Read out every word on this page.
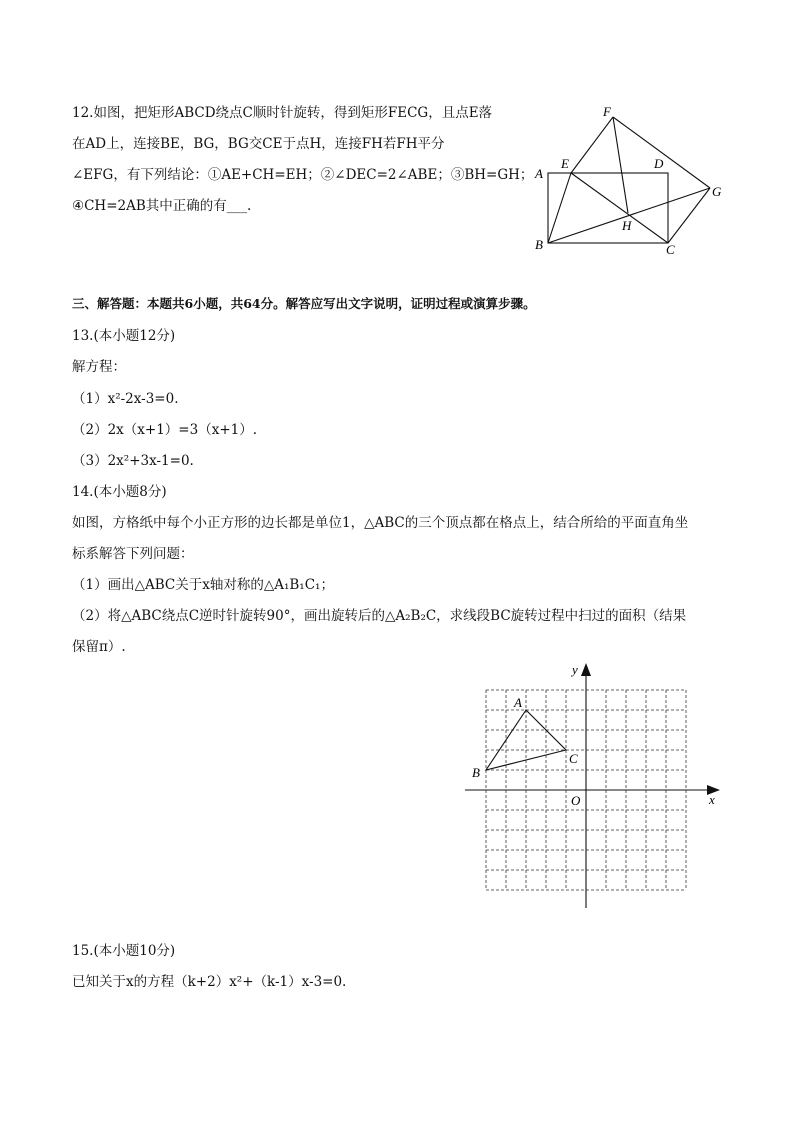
12.如图，把矩形ABCD绕点C顺时针旋转，得到矩形FECG，且点E落
在AD上，连接BE，BG，BG交CE于点H，连接FH若FH平分
∠EFG，有下列结论：①AE+CH=EH；②∠DEC=2∠ABE；③BH=GH；
④CH=2AB其中正确的有___.
F
E	D
A
G
H
B	C
三、解答题：本题共6小题，共64分。解答应写出文字说明，证明过程或演算步骤。
13.(本小题12分)
解方程：
（1）x²-2x-3=0.
（2）2x（x+1）=3（x+1）.
（3）2x²+3x-1=0.
14.(本小题8分)
如图，方格纸中每个小正方形的边长都是单位1，△ABC的三个顶点都在格点上，结合所给的平面直角坐
标系解答下列问题：
（1）画出△ABC关于x轴对称的△A₁B₁C₁；
（2）将△ABC绕点C逆时针旋转90°，画出旋转后的△A₂B₂C，求线段BC旋转过程中扫过的面积（结果
保留π）.
y
x
O
A
B
C
15.(本小题10分)
已知关于x的方程（k+2）x²+（k-1）x-3=0.
